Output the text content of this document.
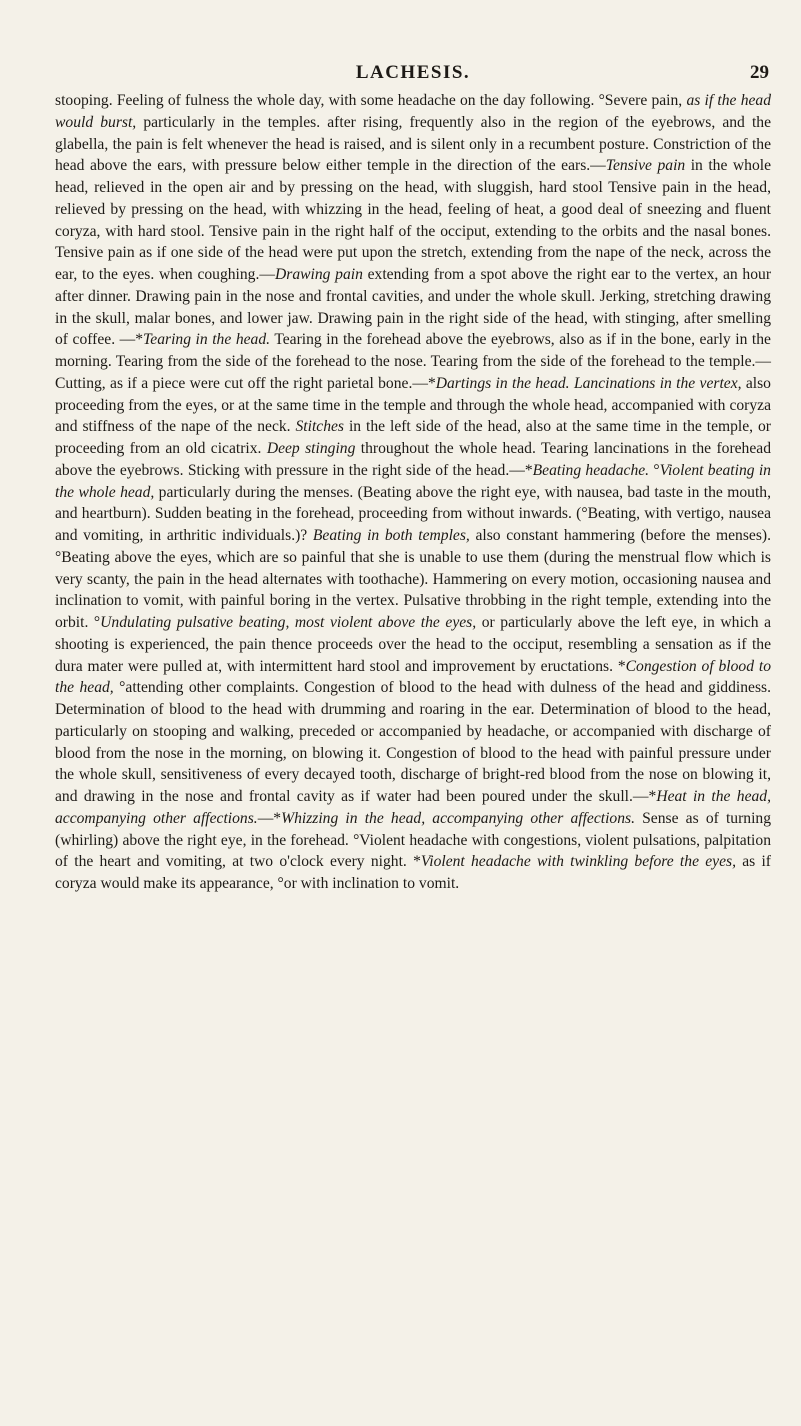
LACHESIS.	29

stooping. Feeling of fulness the whole day, with some headache on the day following. °Severe pain, as if the head would burst, particularly in the temples. after rising, frequently also in the region of the eyebrows, and the glabella, the pain is felt whenever the head is raised, and is silent only in a recumbent posture. Constriction of the head above the ears, with pressure below either temple in the direction of the ears.—Tensive pain in the whole head, relieved in the open air and by pressing on the head, with sluggish, hard stool Tensive pain in the head, relieved by pressing on the head, with whizzing in the head, feeling of heat, a good deal of sneezing and fluent coryza, with hard stool. Tensive pain in the right half of the occiput, extending to the orbits and the nasal bones. Tensive pain as if one side of the head were put upon the stretch, extending from the nape of the neck, across the ear, to the eyes. when coughing.—Drawing pain extending from a spot above the right ear to the vertex, an hour after dinner. Drawing pain in the nose and frontal cavities, and under the whole skull. Jerking, stretching drawing in the skull, malar bones, and lower jaw. Drawing pain in the right side of the head, with stinging, after smelling of coffee. —*Tearing in the head. Tearing in the forehead above the eyebrows, also as if in the bone, early in the morning. Tearing from the side of the forehead to the nose. Tearing from the side of the forehead to the temple.—Cutting, as if a piece were cut off the right parietal bone.—*Dartings in the head. Lancinations in the vertex, also proceeding from the eyes, or at the same time in the temple and through the whole head, accompanied with coryza and stiffness of the nape of the neck. Stitches in the left side of the head, also at the same time in the temple, or proceeding from an old cicatrix. Deep stinging throughout the whole head. Tearing lancinations in the forehead above the eyebrows. Sticking with pressure in the right side of the head.—*Beating headache. °Violent beating in the whole head, particularly during the menses. (Beating above the right eye, with nausea, bad taste in the mouth, and heartburn). Sudden beating in the forehead, proceeding from without inwards. (°Beating, with vertigo, nausea and vomiting, in arthritic individuals.)? Beating in both temples, also constant hammering (before the menses). °Beating above the eyes, which are so painful that she is unable to use them (during the menstrual flow which is very scanty, the pain in the head alternates with toothache). Hammering on every motion, occasioning nausea and inclination to vomit, with painful boring in the vertex. Pulsative throbbing in the right temple, extending into the orbit. °Undulating pulsative beating, most violent above the eyes, or particularly above the left eye, in which a shooting is experienced, the pain thence proceeds over the head to the occiput, resembling a sensation as if the dura mater were pulled at, with intermittent hard stool and improvement by eructations. *Congestion of blood to the head, °attending other complaints. Congestion of blood to the head with dulness of the head and giddiness. Determination of blood to the head with drumming and roaring in the ear. Determination of blood to the head, particularly on stooping and walking, preceded or accompanied by headache, or accompanied with discharge of blood from the nose in the morning, on blowing it. Congestion of blood to the head with painful pressure under the whole skull, sensitiveness of every decayed tooth, discharge of bright-red blood from the nose on blowing it, and drawing in the nose and frontal cavity as if water had been poured under the skull.—*Heat in the head, accompanying other affections.—*Whizzing in the head, accompanying other affections. Sense as of turning (whirling) above the right eye, in the forehead. °Violent headache with congestions, violent pulsations, palpitation of the heart and vomiting, at two o'clock every night. *Violent headache with twinkling before the eyes, as if coryza would make its appearance, °or with inclination to vomit.
